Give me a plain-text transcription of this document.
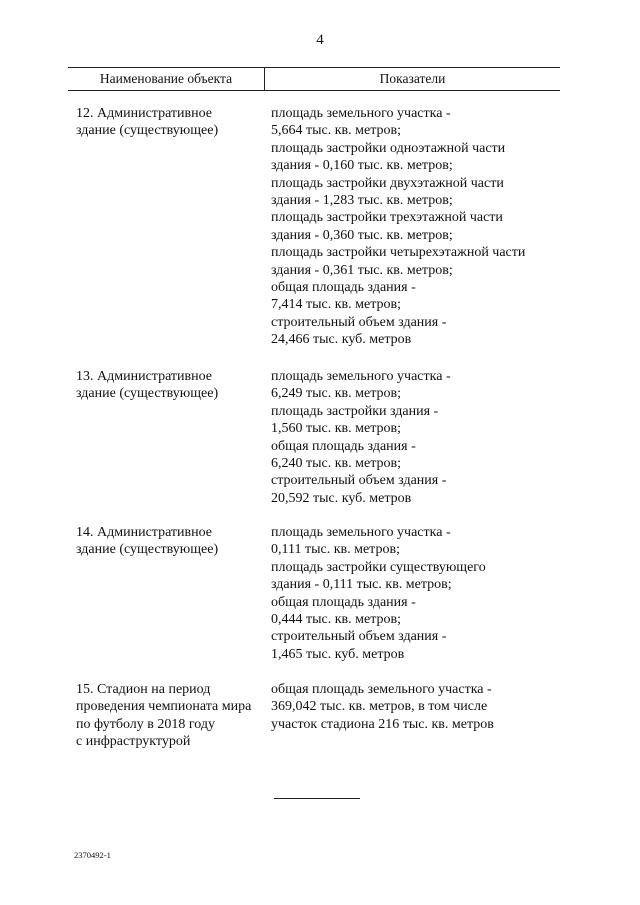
4
Наименование объекта	Показатели
12. Административное
здание (существующее)
площадь земельного участка -
5,664 тыс. кв. метров;
площадь застройки одноэтажной части
здания - 0,160 тыс. кв. метров;
площадь застройки двухэтажной части
здания - 1,283 тыс. кв. метров;
площадь застройки трехэтажной части
здания - 0,360 тыс. кв. метров;
площадь застройки четырехэтажной части
здания - 0,361 тыс. кв. метров;
общая площадь здания -
7,414 тыс. кв. метров;
строительный объем здания -
24,466 тыс. куб. метров
13. Административное
здание (существующее)
площадь земельного участка -
6,249 тыс. кв. метров;
площадь застройки здания -
1,560 тыс. кв. метров;
общая площадь здания -
6,240 тыс. кв. метров;
строительный объем здания -
20,592 тыс. куб. метров
14. Административное
здание (существующее)
площадь земельного участка -
0,111 тыс. кв. метров;
площадь застройки существующего
здания - 0,111 тыс. кв. метров;
общая площадь здания -
0,444 тыс. кв. метров;
строительный объем здания -
1,465 тыс. куб. метров
15. Стадион на период
проведения чемпионата мира
по футболу в 2018 году
с инфраструктурой
общая площадь земельного участка -
369,042 тыс. кв. метров, в том числе
участок стадиона 216 тыс. кв. метров
2370492-1
